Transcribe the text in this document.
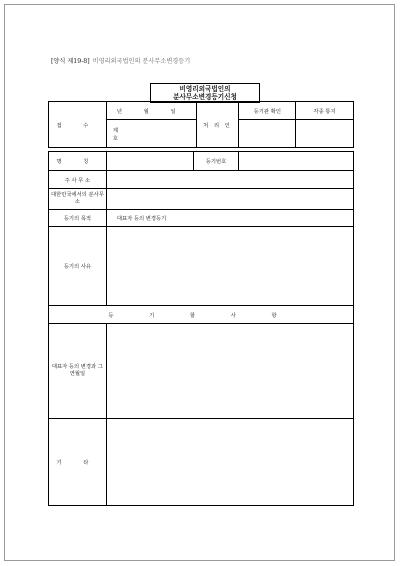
[양식 제19-8] 비영리외국법인의 분사무소변경등기
비영리외국법인의
분사무소변경등기신청
접 수	년 월 일	처 리 인	등기관 확인	각종 통지
	제 호			
명 칭		등기번호	
주 사 무 소			
대한민국에서의 분사무소			
등기의 목적	대표자 등의 변경등기		
등기의 사유			
등 기 할 사 항			
대표자 등의 변경과 그 연월일			
기 타			
